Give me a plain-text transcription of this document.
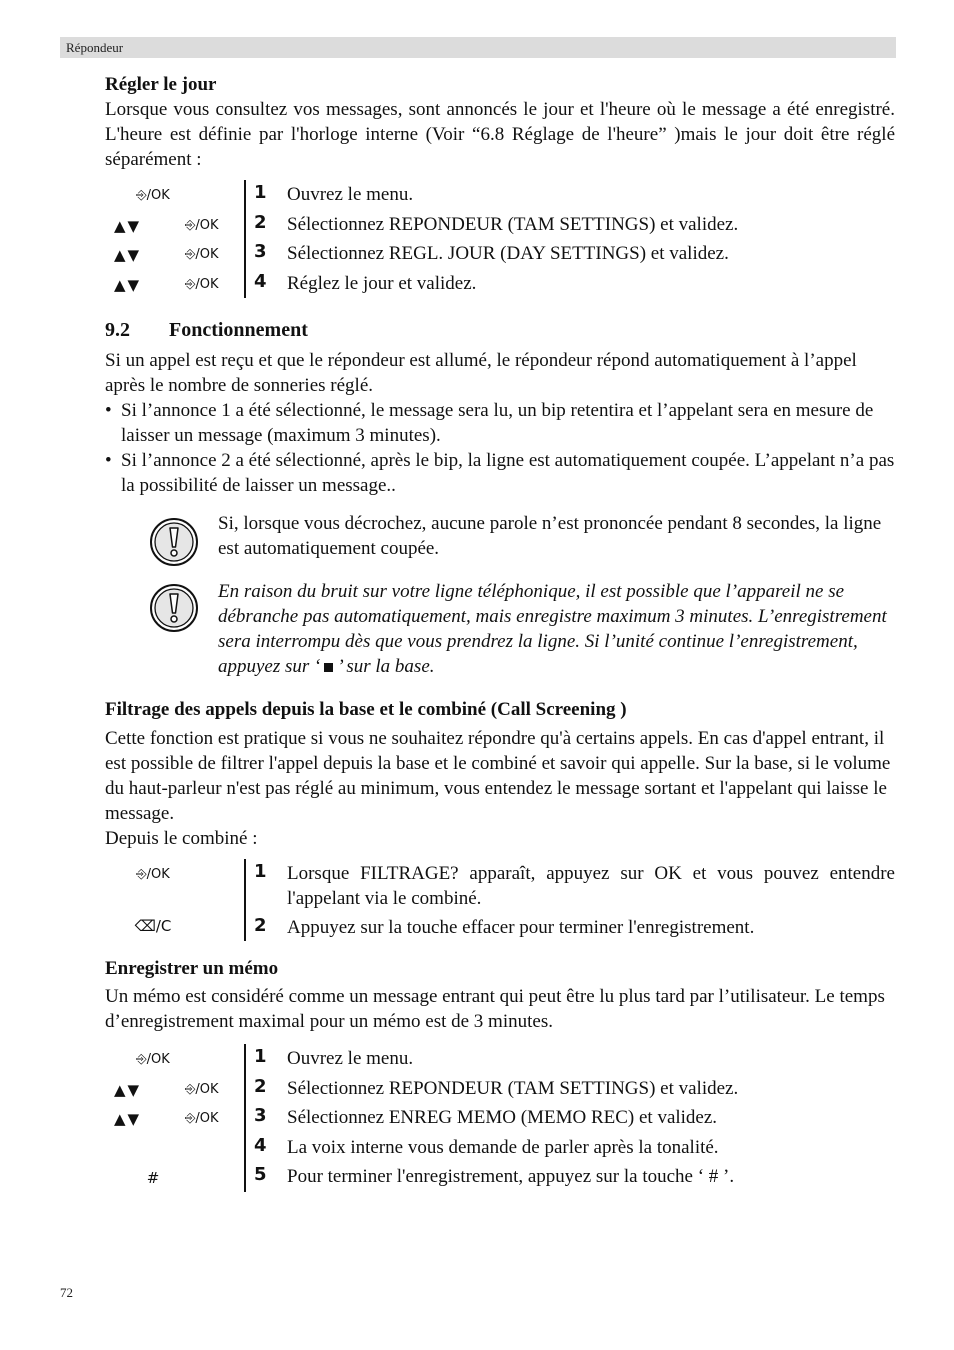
Répondeur
Régler le jour

Lorsque vous consultez vos messages, sont annoncés le jour et l'heure où le message a été enregistré. L'heure est définie par l'horloge interne (Voir “6.8 Réglage de l'heure” )mais le jour doit être réglé séparément :

⎆/OK	1 Ouvrez le menu.
▲▼	⎆/OK	2 Sélectionnez REPONDEUR (TAM SETTINGS) et validez.
▲▼	⎆/OK	3 Sélectionnez REGL. JOUR (DAY SETTINGS) et validez.
▲▼	⎆/OK	4 Réglez le jour et validez.
9.2 Fonctionnement

Si un appel est reçu et que le répondeur est allumé, le répondeur répond automatiquement à l’appel après le nombre de sonneries réglé.

• Si l’annonce 1 a été sélectionné, le message sera lu, un bip retentira et l’appelant sera en mesure de laisser un message (maximum 3 minutes).
• Si l’annonce 2 a été sélectionné, après le bip, la ligne est automatiquement coupée. L’appelant n’a pas la possibilité de laisser un message..

Si, lorsque vous décrochez, aucune parole n’est prononcée pendant 8 secondes, la ligne est automatiquement coupée.

En raison du bruit sur votre ligne téléphonique, il est possible que l’appareil ne se débranche pas automatiquement, mais enregistre maximum 3 minutes. L’enregistrement sera interrompu dès que vous prendrez la ligne. Si l’unité continue l’enregistrement, appuyez sur ‘ ’ sur la base.

Filtrage des appels depuis la base et le combiné (Call Screening )

Cette fonction est pratique si vous ne souhaitez répondre qu'à certains appels. En cas d'appel entrant, il est possible de filtrer l'appel depuis la base et le combiné et savoir qui appelle. Sur la base, si le volume du haut-parleur n'est pas réglé au minimum, vous entendez le message sortant et l'appelant qui laisse le message.

Depuis le combiné :

⎆/OK	1 Lorsque FILTRAGE? apparaît, appuyez sur OK et vous pouvez entendre l'appelant via le combiné.
⌫/C	2 Appuyez sur la touche effacer pour terminer l'enregistrement.
Enregistrer un mémo

Un mémo est considéré comme un message entrant qui peut être lu plus tard par l’utilisateur. Le temps d’enregistrement maximal pour un mémo est de 3 minutes.

⎆/OK	1 Ouvrez le menu.
▲▼	⎆/OK	2 Sélectionnez REPONDEUR (TAM SETTINGS) et validez.
▲▼	⎆/OK	3 Sélectionnez ENREG MEMO (MEMO REC) et validez.
4 La voix interne vous demande de parler après la tonalité.
#	5 Pour terminer l'enregistrement, appuyez sur la touche ‘ # ’.
72
